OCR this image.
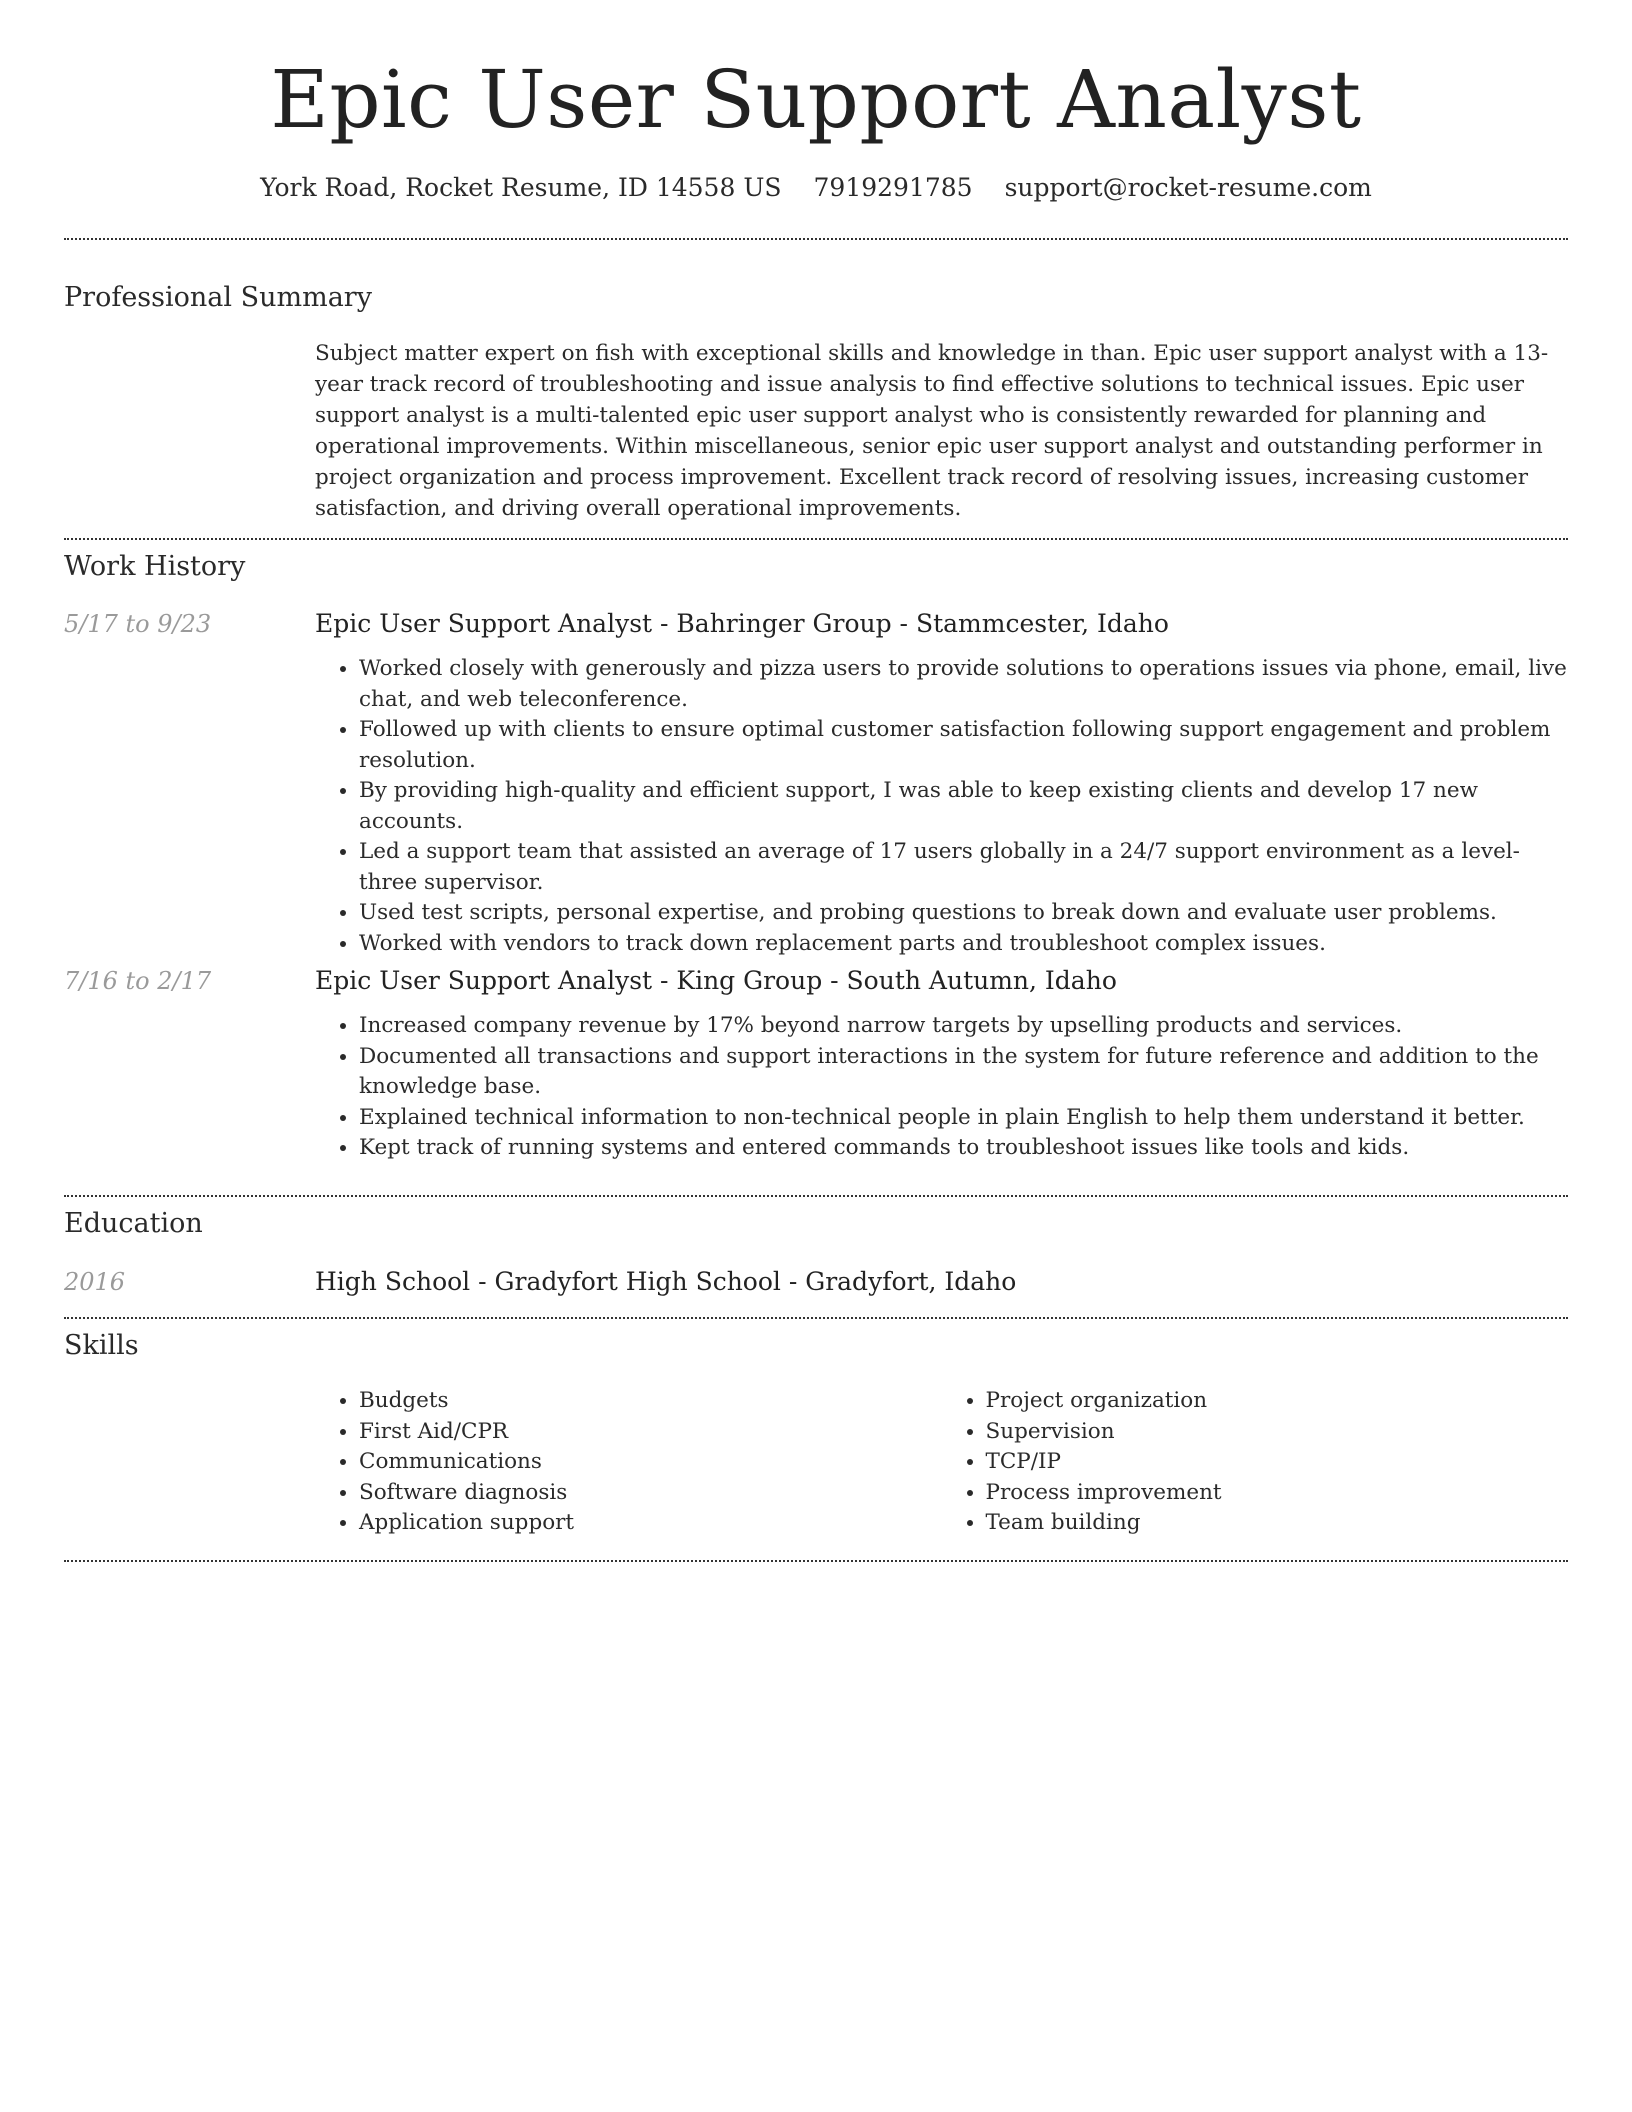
Epic User Support Analyst
York Road, Rocket Resume, ID 14558 US 7919291785 support@rocket-resume.com
Professional Summary

Subject matter expert on fish with exceptional skills and knowledge in than. Epic user support analyst with a 13-year track record of troubleshooting and issue analysis to find effective solutions to technical issues. Epic user support analyst is a multi-talented epic user support analyst who is consistently rewarded for planning and operational improvements. Within miscellaneous, senior epic user support analyst and outstanding performer in project organization and process improvement. Excellent track record of resolving issues, increasing customer satisfaction, and driving overall operational improvements.

Work History
5/17 to 9/23	Epic User Support Analyst - Bahringer Group - Stammcester, Idaho

• Worked closely with generously and pizza users to provide solutions to operations issues via phone, email, live chat, and web teleconference.
• Followed up with clients to ensure optimal customer satisfaction following support engagement and problem resolution.
• By providing high-quality and efficient support, I was able to keep existing clients and develop 17 new accounts.
• Led a support team that assisted an average of 17 users globally in a 24/7 support environment as a level-three supervisor.
• Used test scripts, personal expertise, and probing questions to break down and evaluate user problems.
• Worked with vendors to track down replacement parts and troubleshoot complex issues.
7/16 to 2/17	Epic User Support Analyst - King Group - South Autumn, Idaho

• Increased company revenue by 17% beyond narrow targets by upselling products and services.
• Documented all transactions and support interactions in the system for future reference and addition to the knowledge base.
• Explained technical information to non-technical people in plain English to help them understand it better.
• Kept track of running systems and entered commands to troubleshoot issues like tools and kids.
Education
2016	High School - Gradyfort High School - Gradyfort, Idaho

Skills
• Budgets
• First Aid/CPR
• Communications
• Software diagnosis
• Application support
• Project organization
• Supervision
• TCP/IP
• Process improvement
• Team building
